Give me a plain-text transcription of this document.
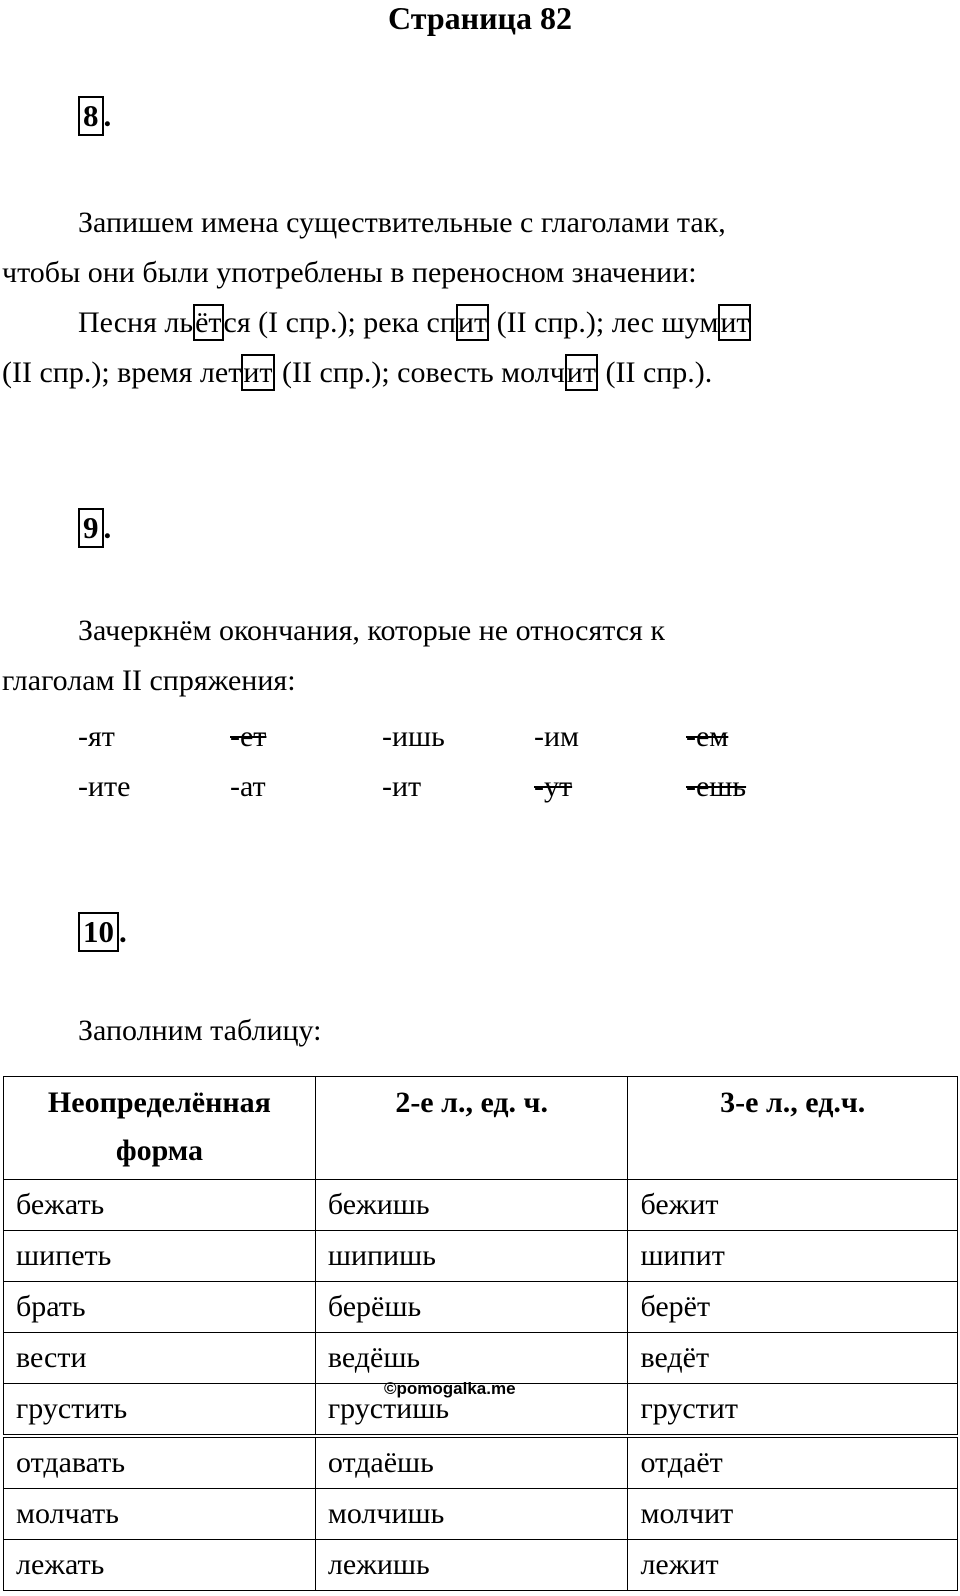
Страница 82
8 .
Запишем имена существительные с глаголами так,
чтобы они были употреблены в переносном значении:
Песня льётся (I спр.); река спит (II спр.); лес шумит
(II спр.); время летит (II спр.); совесть молчит (II спр.).
9 .
Зачеркнём окончания, которые не относятся к
глаголам II спряжения:
-ят	-ет	-ишь	-им	-ем
-ите	-ат	-ит	-ут	-ешь
10 .
Заполним таблицу:
Неопределённая форма	2-е л., ед. ч.	3-е л., ед.ч.
бежать	бежишь	бежит
шипеть	шипишь	шипит
брать	берёшь	берёт
вести	ведёшь	ведёт
грустить	грустишь	грустит
отдавать	отдаёшь	отдаёт
молчать	молчишь	молчит
лежать	лежишь	лежит
©pomogalka.me
